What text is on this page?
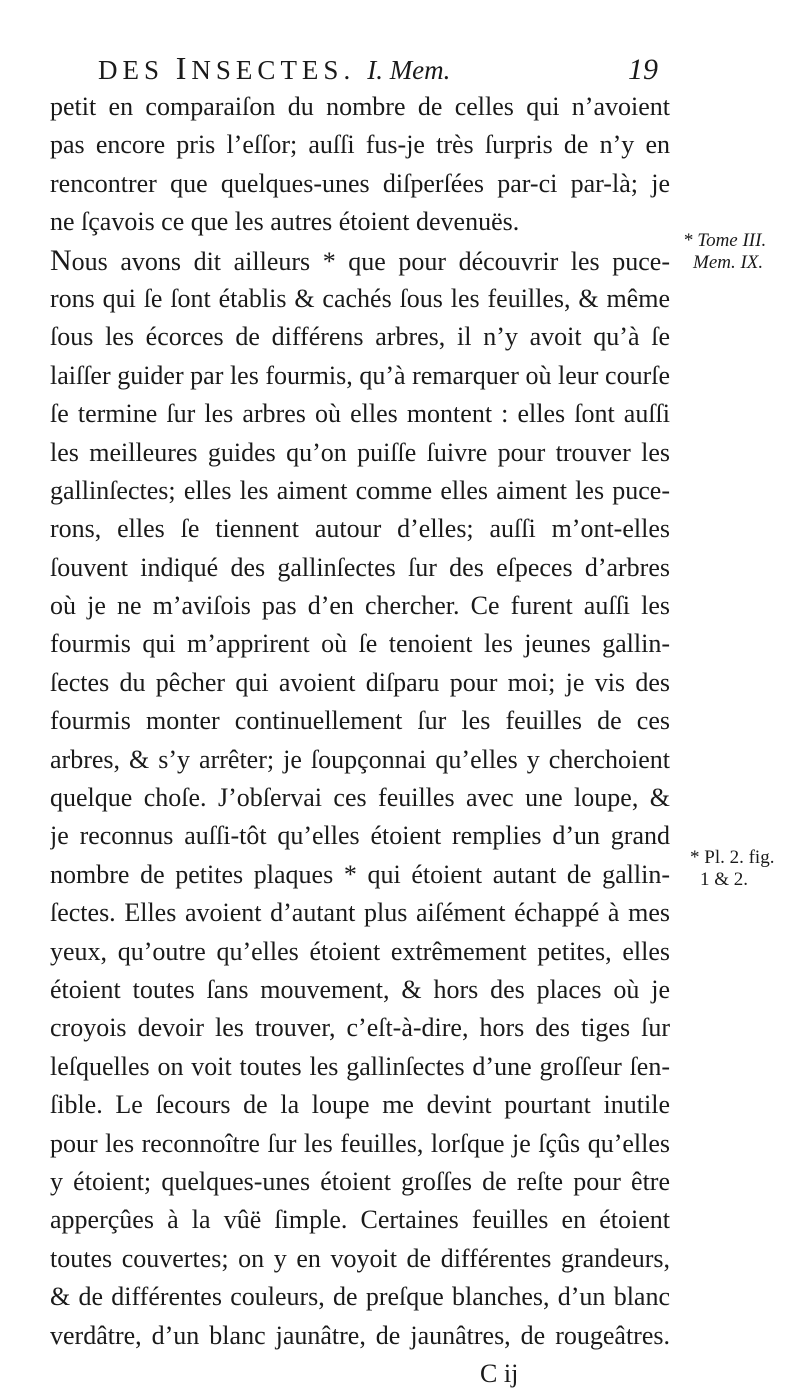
DES INSECTES. I. Mem.	19
petit en comparaiſon du nombre de celles qui n’avoient
pas encore pris l’eſſor; auſſi fus-je très ſurpris de n’y en
rencontrer que quelques-unes diſperſées par-ci par-là; je
ne ſçavois ce que les autres étoient devenuës.
Nous avons dit ailleurs * que pour découvrir les puce-
rons qui ſe ſont établis & cachés ſous les feuilles, & même
ſous les écorces de différens arbres, il n’y avoit qu’à ſe
laiſſer guider par les fourmis, qu’à remarquer où leur courſe
ſe termine ſur les arbres où elles montent : elles ſont auſſi
les meilleures guides qu’on puiſſe ſuivre pour trouver les
gallinſectes; elles les aiment comme elles aiment les puce-
rons, elles ſe tiennent autour d’elles; auſſi m’ont-elles
ſouvent indiqué des gallinſectes ſur des eſpeces d’arbres
où je ne m’aviſois pas d’en chercher. Ce furent auſſi les
fourmis qui m’apprirent où ſe tenoient les jeunes gallin-
ſectes du pêcher qui avoient diſparu pour moi; je vis des
fourmis monter continuellement ſur les feuilles de ces
arbres, & s’y arrêter; je ſoupçonnai qu’elles y cherchoient
quelque choſe. J’obſervai ces feuilles avec une loupe, &
je reconnus auſſi-tôt qu’elles étoient remplies d’un grand
nombre de petites plaques * qui étoient autant de gallin-
ſectes. Elles avoient d’autant plus aiſément échappé à mes
yeux, qu’outre qu’elles étoient extrêmement petites, elles
étoient toutes ſans mouvement, & hors des places où je
croyois devoir les trouver, c’eſt-à-dire, hors des tiges ſur
leſquelles on voit toutes les gallinſectes d’une groſſeur ſen-
ſible. Le ſecours de la loupe me devint pourtant inutile
pour les reconnoître ſur les feuilles, lorſque je ſçûs qu’elles
y étoient; quelques-unes étoient groſſes de reſte pour être
apperçûes à la vûë ſimple. Certaines feuilles en étoient
toutes couvertes; on y en voyoit de différentes grandeurs,
& de différentes couleurs, de preſque blanches, d’un blanc
verdâtre, d’un blanc jaunâtre, de jaunâtres, de rougeâtres.
C ij
* Tome III.
Mem. IX.
* Pl. 2. fig.
1 & 2.
